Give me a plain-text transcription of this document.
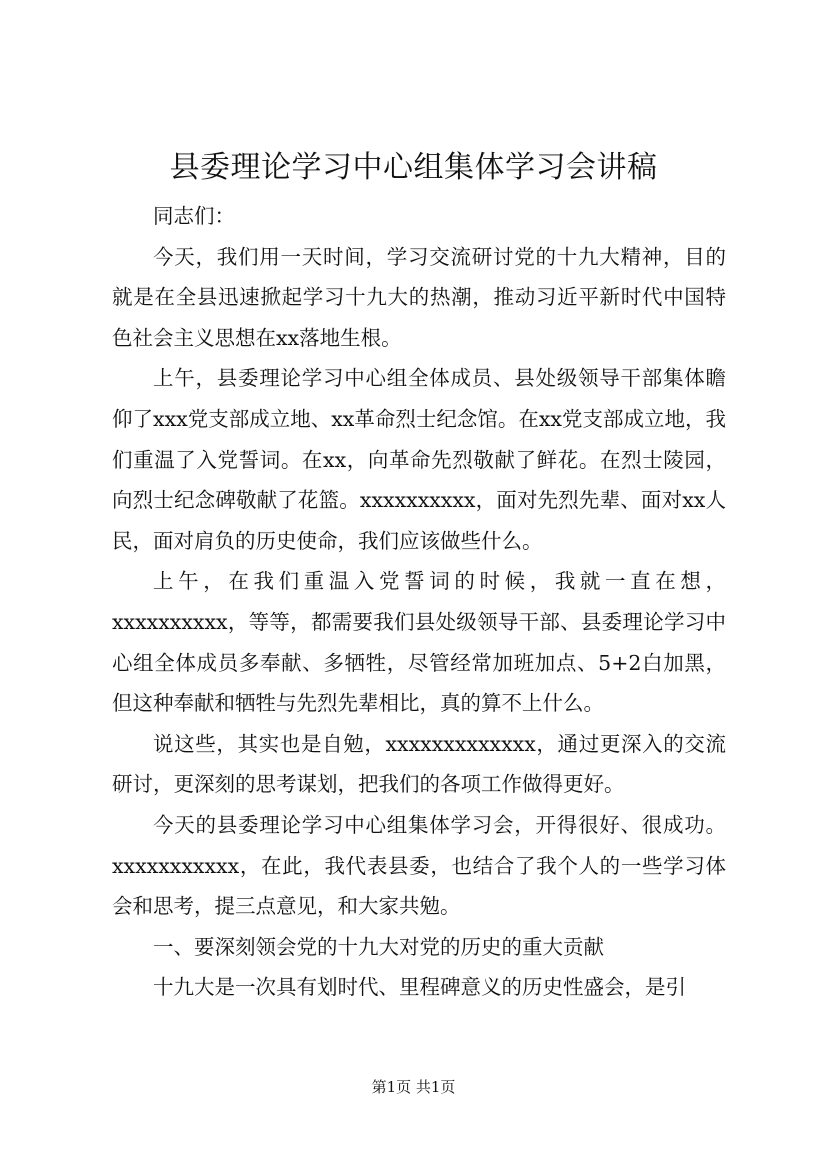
县委理论学习中心组集体学习会讲稿

同志们：

今天，我们用一天时间，学习交流研讨党的十九大精神，目的就是在全县迅速掀起学习十九大的热潮，推动习近平新时代中国特色社会主义思想在xx落地生根。

上午，县委理论学习中心组全体成员、县处级领导干部集体瞻仰了xxx党支部成立地、xx革命烈士纪念馆。在xx党支部成立地，我们重温了入党誓词。在xx，向革命先烈敬献了鲜花。在烈士陵园，向烈士纪念碑敬献了花篮。xxxxxxxxxx，面对先烈先辈、面对xx人民，面对肩负的历史使命，我们应该做些什么。

上午，在我们重温入党誓词的时候，我就一直在想，xxxxxxxxxx，等等，都需要我们县处级领导干部、县委理论学习中心组全体成员多奉献、多牺牲，尽管经常加班加点、5+2白加黑，但这种奉献和牺牲与先烈先辈相比，真的算不上什么。

说这些，其实也是自勉，xxxxxxxxxxxxx，通过更深入的交流研讨，更深刻的思考谋划，把我们的各项工作做得更好。

今天的县委理论学习中心组集体学习会，开得很好、很成功。xxxxxxxxxxx，在此，我代表县委，也结合了我个人的一些学习体会和思考，提三点意见，和大家共勉。

一、要深刻领会党的十九大对党的历史的重大贡献

十九大是一次具有划时代、里程碑意义的历史性盛会，是引

第1页 共1页
